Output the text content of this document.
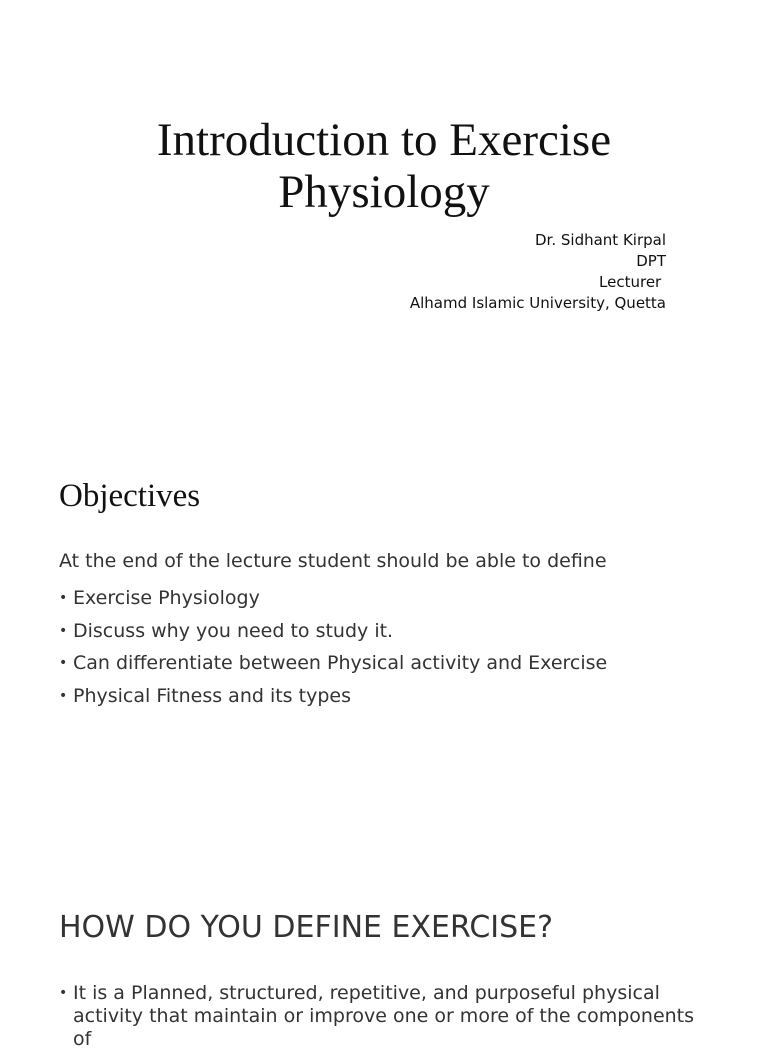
Introduction to Exercise
Physiology
Dr. Sidhant Kirpal
DPT
Lecturer
Alhamd Islamic University, Quetta
Objectives
At the end of the lecture student should be able to define
• Exercise Physiology
• Discuss why you need to study it.
• Can differentiate between Physical activity and Exercise
• Physical Fitness and its types
HOW DO YOU DEFINE EXERCISE?
• It is a Planned, structured, repetitive, and purposeful physical activity that maintain or improve one or more of the components of
